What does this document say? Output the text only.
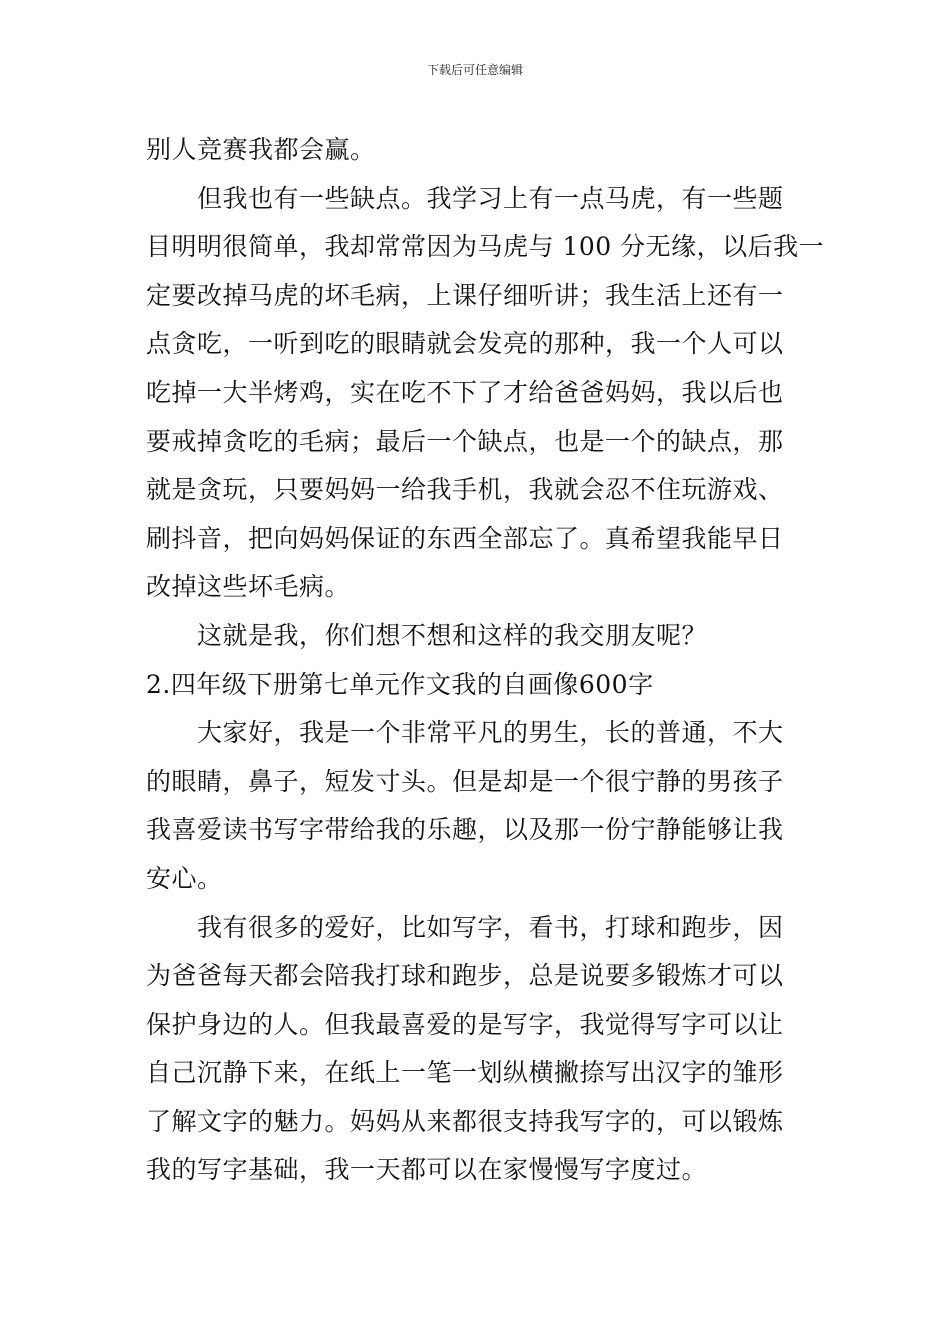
下载后可任意编辑
别人竞赛我都会赢。
　　但我也有一些缺点。我学习上有一点马虎，有一些题
目明明很简单，我却常常因为马虎与 100 分无缘，以后我一
定要改掉马虎的坏毛病，上课仔细听讲；我生活上还有一
点贪吃，一听到吃的眼睛就会发亮的那种，我一个人可以
吃掉一大半烤鸡，实在吃不下了才给爸爸妈妈，我以后也
要戒掉贪吃的毛病；最后一个缺点，也是一个的缺点，那
就是贪玩，只要妈妈一给我手机，我就会忍不住玩游戏、
刷抖音，把向妈妈保证的东西全部忘了。真希望我能早日
改掉这些坏毛病。
　　这就是我，你们想不想和这样的我交朋友呢？
2.四年级下册第七单元作文我的自画像600字
　　大家好，我是一个非常平凡的男生，长的普通，不大
的眼睛，鼻子，短发寸头。但是却是一个很宁静的男孩子
我喜爱读书写字带给我的乐趣，以及那一份宁静能够让我
安心。
　　我有很多的爱好，比如写字，看书，打球和跑步，因
为爸爸每天都会陪我打球和跑步，总是说要多锻炼才可以
保护身边的人。但我最喜爱的是写字，我觉得写字可以让
自己沉静下来，在纸上一笔一划纵横撇捺写出汉字的雏形
了解文字的魅力。妈妈从来都很支持我写字的，可以锻炼
我的写字基础，我一天都可以在家慢慢写字度过。
